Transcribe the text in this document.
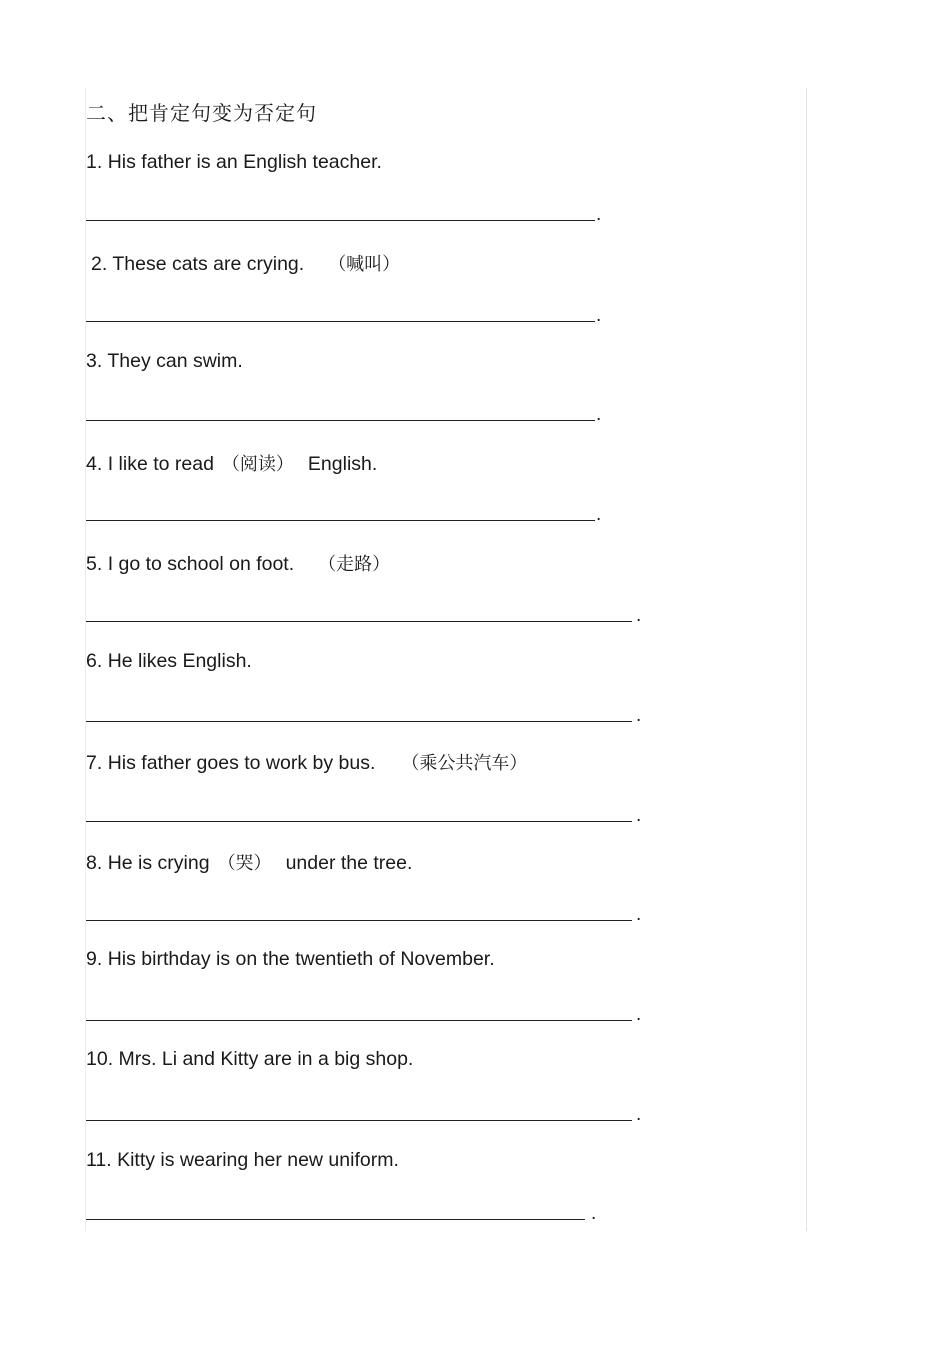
二、把肯定句变为否定句
1. His father is an English teacher.
.
2. These cats are crying. （喊叫）
.
3. They can swim.
.
4. I like to read （阅读） English.
.
5. I go to school on foot. （走路）
.
6. He likes English.
.
7. His father goes to work by bus. （乘公共汽车）
.
8. He is crying （哭） under the tree.
.
9. His birthday is on the twentieth of November.
.
10. Mrs. Li and Kitty are in a big shop.
.
11. Kitty is wearing her new uniform.
.
